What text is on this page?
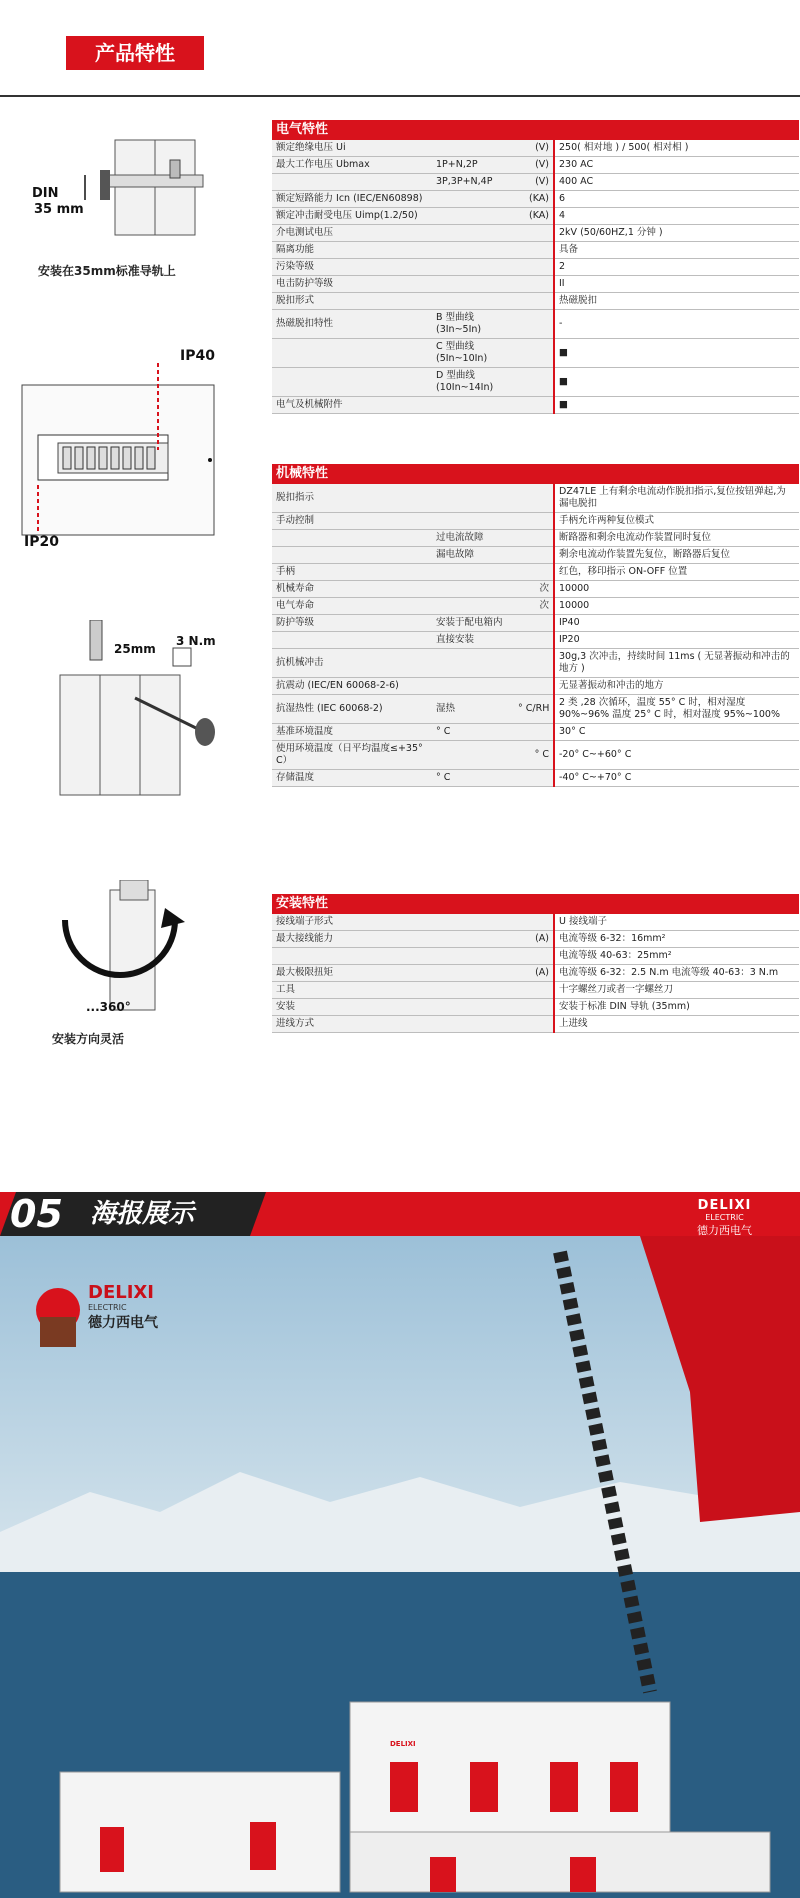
产品特性
DIN
35 mm
安装在35mm标准导轨上
IP40
IP20
25mm
3 N.m
...360°
安装方向灵活
电气特性
额定绝缘电压 Ui		(V)	250( 相对地 ) / 500( 相对相 )
最大工作电压 Ubmax	1P+N,2P	(V)	230 AC
	3P,3P+N,4P	(V)	400 AC
额定短路能力 Icn (IEC/EN60898)		(KA)	6
额定冲击耐受电压 Uimp(1.2/50)		(KA)	4
介电测试电压			2kV (50/60HZ,1 分钟 )
隔离功能			具备
污染等级			2
电击防护等级			II
脱扣形式			热磁脱扣
热磁脱扣特性	B 型曲线 (3In~5In)		-
	C 型曲线 (5In~10In)		■
	D 型曲线 (10In~14In)		■
电气及机械附件			■
机械特性
脱扣指示			DZ47LE 上有剩余电流动作脱扣指示,复位按钮弹起,为漏电脱扣
手动控制			手柄允许两种复位模式
	过电流故障		断路器和剩余电流动作装置同时复位
	漏电故障		剩余电流动作装置先复位，断路器后复位
手柄			红色，移印指示 ON-OFF 位置
机械寿命		次	10000
电气寿命		次	10000
防护等级	安装于配电箱内		IP40
	直接安装		IP20
抗机械冲击			30g,3 次冲击，持续时间 11ms ( 无显著振动和冲击的地方 )
抗震动 (IEC/EN 60068-2-6)			无显著振动和冲击的地方
抗湿热性 (IEC 60068-2)	湿热	° C/RH	2 类 ,28 次循环，温度 55° C 时，相对湿度 90%~96% 温度 25° C 时，相对湿度 95%~100%
基准环境温度	° C		30° C
使用环境温度（日平均温度≤+35° C）		° C	-20° C~+60° C
存储温度	° C		-40° C~+70° C
安装特性
接线端子形式			U 接线端子
最大接线能力		(A)	电流等级 6-32：16mm²
			电流等级 40-63：25mm²
最大极限扭矩		(A)	电流等级 6-32：2.5 N.m 电流等级 40-63：3 N.m
工具			十字螺丝刀或者一字螺丝刀
安装			安装于标准 DIN 导轨 (35mm)
进线方式			上进线
05 海报展示	DELIXI
ELECTRIC
德力西电气
DELIXI
ELECTRIC
德力西电气
DELIXI
